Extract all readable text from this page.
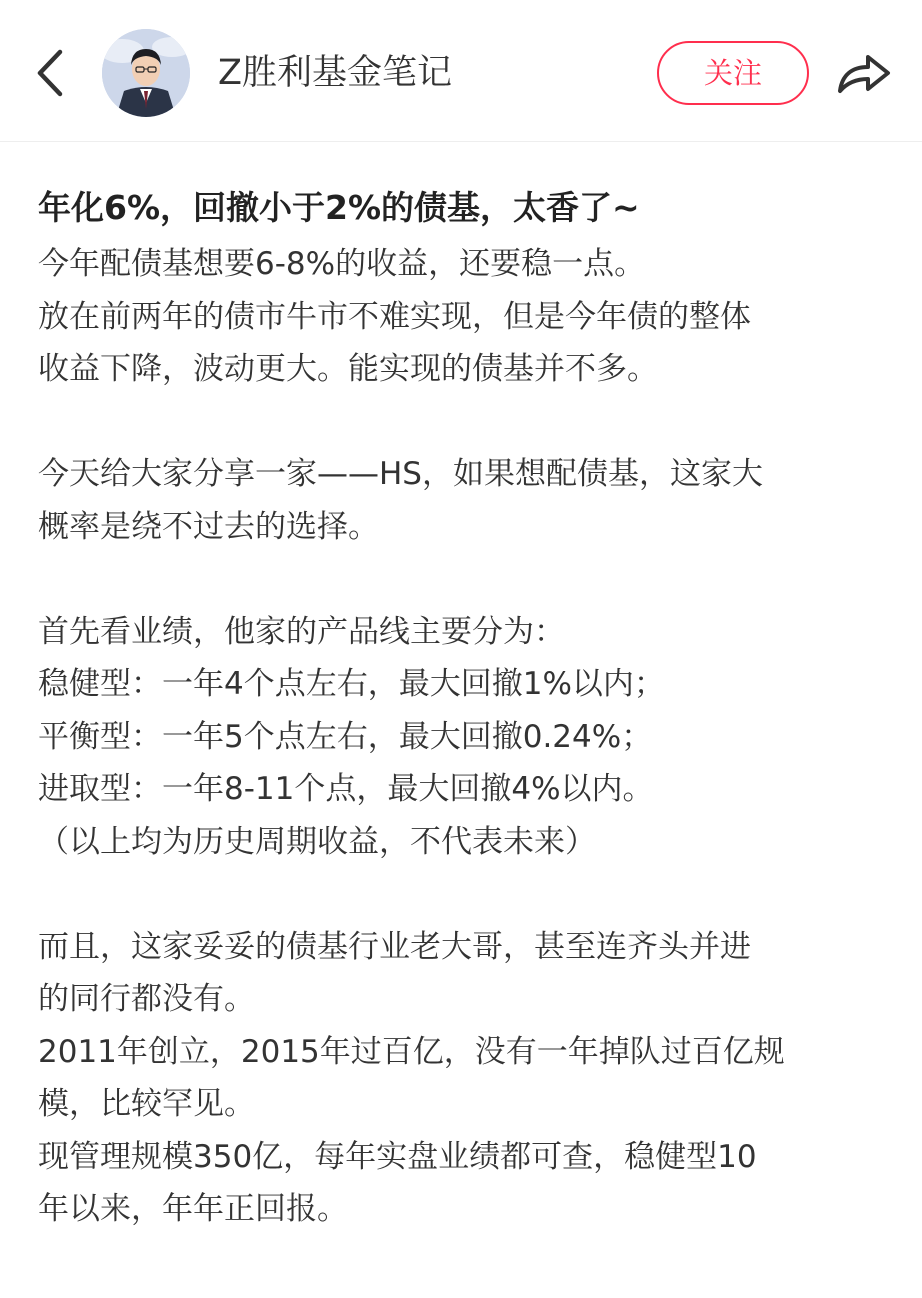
Z胜利基金笔记	关注
年化6%，回撤小于2%的债基，太香了~
今年配债基想要6-8%的收益，还要稳一点。
放在前两年的债市牛市不难实现，但是今年债的整体
收益下降，波动更大。能实现的债基并不多。
今天给大家分享一家——HS，如果想配债基，这家大
概率是绕不过去的选择。
首先看业绩，他家的产品线主要分为：
稳健型：一年4个点左右，最大回撤1%以内；
平衡型：一年5个点左右，最大回撤0.24%；
进取型：一年8-11个点，最大回撤4%以内。
（以上均为历史周期收益，不代表未来）
而且，这家妥妥的债基行业老大哥，甚至连齐头并进
的同行都没有。
2011年创立，2015年过百亿，没有一年掉队过百亿规
模，比较罕见。
现管理规模350亿，每年实盘业绩都可查，稳健型10
年以来，年年正回报。
